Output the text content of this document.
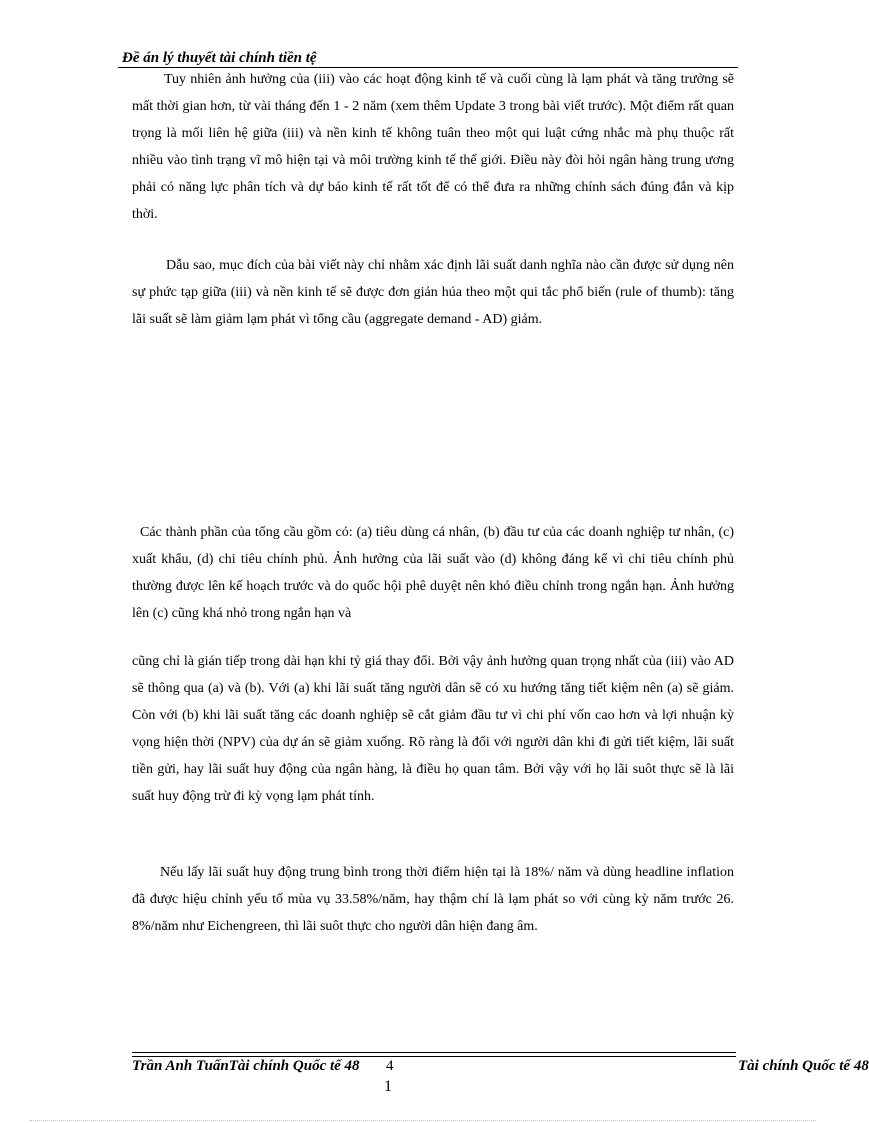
Đề án lý thuyết tài chính tiền tệ

Tuy nhiên ảnh hưởng của (iii) vào các hoạt động kinh tế và cuối cùng là lạm phát và tăng trưởng sẽ mất thời gian hơn, từ vài tháng đến 1 - 2 năm (xem thêm Update 3 trong bài viết trước). Một điểm rất quan trọng là mối liên hệ giữa (iii) và nền kinh tế không tuân theo một qui luật cứng nhắc mà phụ thuộc rất nhiều vào tình trạng vĩ mô hiện tại và môi trường kinh tế thế giới. Điều này đòi hỏi ngân hàng trung ương phải có năng lực phân tích và dự báo kinh tế rất tốt để có thể đưa ra những chính sách đúng đắn và kịp thời.

Dẫu sao, mục đích của bài viết này chỉ nhằm xác định lãi suất danh nghĩa nào cần được sử dụng nên sự phức tạp giữa (iii) và nền kinh tế sẽ được đơn giản húa theo một qui tắc phổ biến (rule of thumb): tăng lãi suất sẽ làm giảm lạm phát vì tổng cầu (aggregate demand - AD) giảm.

Các thành phần của tổng cầu gồm có: (a) tiêu dùng cá nhân, (b) đầu tư của các doanh nghiệp tư nhân, (c) xuất khẩu, (d) chi tiêu chính phủ. Ảnh hưởng của lãi suất vào (d) không đáng kể vì chi tiêu chính phủ thường được lên kế hoạch trước và do quốc hội phê duyệt nên khó điều chỉnh trong ngắn hạn. Ảnh hưởng lên (c) cũng khá nhỏ trong ngắn hạn và

cũng chỉ là gián tiếp trong dài hạn khi tỷ giá thay đổi. Bởi vậy ảnh hưởng quan trọng nhất của (iii) vào AD sẽ thông qua (a) và (b). Với (a) khi lãi suất tăng người dân sẽ có xu hướng tăng tiết kiệm nên (a) sẽ giảm. Còn với (b) khi lãi suất tăng các doanh nghiệp sẽ cắt giảm đầu tư vì chi phí vốn cao hơn và lợi nhuận kỳ vọng hiện thời (NPV) của dự án sẽ giảm xuống. Rõ ràng là đối với người dân khi đi gửi tiết kiệm, lãi suất tiền gửi, hay lãi suất huy động của ngân hàng, là điều họ quan tâm. Bởi vậy với họ lãi suôt thực sẽ là lãi suất huy động trừ đi kỳ vọng lạm phát tính.

Nếu lấy lãi suất huy động trung bình trong thời điểm hiện tại là 18%/ năm và dùng headline inflation đã được hiệu chỉnh yếu tố mùa vụ 33.58%/năm, hay thậm chí là lạm phát so với cùng kỳ năm trước 26. 8%/năm như Eichengreen, thì lãi suôt thực cho người dân hiện đang âm.

Trần Anh TuấnTài chính Quốc tế 48 4	Tài chính Quốc tế 48
1
